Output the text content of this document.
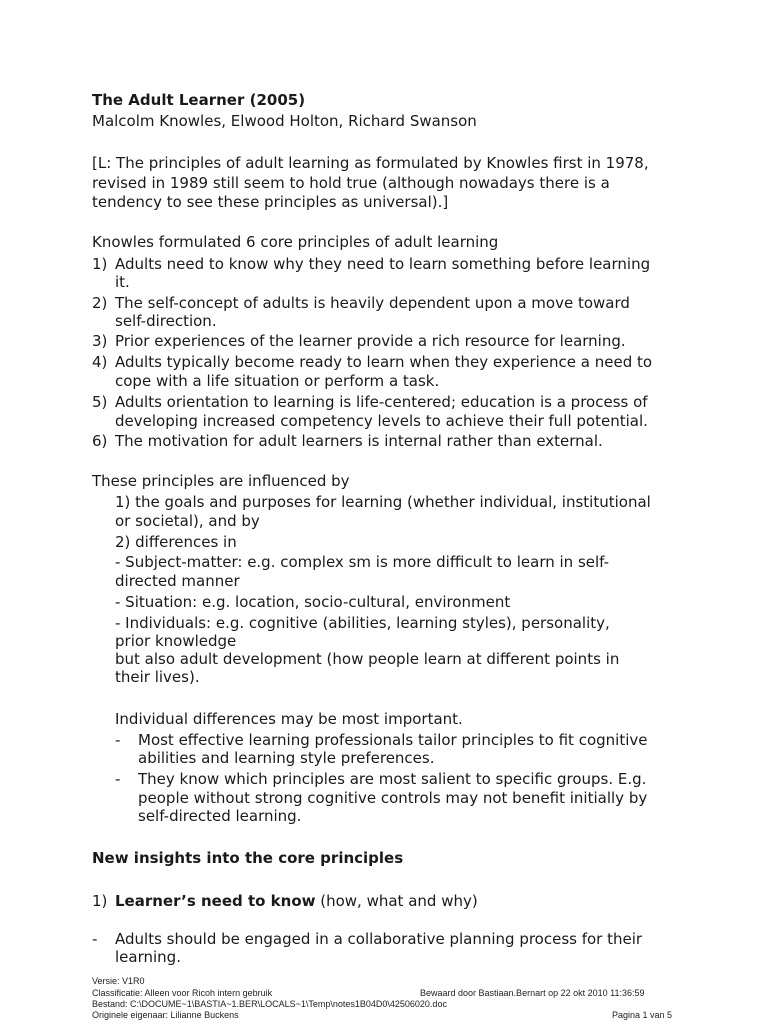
The Adult Learner (2005)
Malcolm Knowles, Elwood Holton, Richard Swanson
[L: The principles of adult learning as formulated by Knowles first in 1978,
revised in 1989 still seem to hold true (although nowadays there is a
tendency to see these principles as universal).]
Knowles formulated 6 core principles of adult learning
1) Adults need to know why they need to learn something before learning
it.
2) The self-concept of adults is heavily dependent upon a move toward
self-direction.
3) Prior experiences of the learner provide a rich resource for learning.
4) Adults typically become ready to learn when they experience a need to
cope with a life situation or perform a task.
5) Adults orientation to learning is life-centered; education is a process of
developing increased competency levels to achieve their full potential.
6) The motivation for adult learners is internal rather than external.
These principles are influenced by
1) the goals and purposes for learning (whether individual, institutional
or societal), and by
2) differences in
- Subject-matter: e.g. complex sm is more difficult to learn in self-
directed manner
- Situation: e.g. location, socio-cultural, environment
- Individuals: e.g. cognitive (abilities, learning styles), personality,
prior knowledge
but also adult development (how people learn at different points in
their lives).
Individual differences may be most important.
- Most effective learning professionals tailor principles to fit cognitive
abilities and learning style preferences.
- They know which principles are most salient to specific groups. E.g.
people without strong cognitive controls may not benefit initially by
self-directed learning.
New insights into the core principles
1) Learner’s need to know (how, what and why)
- Adults should be engaged in a collaborative planning process for their
learning.
Versie: V1R0
Classificatie: Alleen voor Ricoh intern gebruik	Bewaard door Bastiaan.Bernart op 22 okt 2010 11:36:59
Bestand: C:\DOCUME~1\BASTIA~1.BER\LOCALS~1\Temp\notes1B04D0\42506020.doc
Originele eigenaar: Lilianne Buckens	Pagina 1 van 5
